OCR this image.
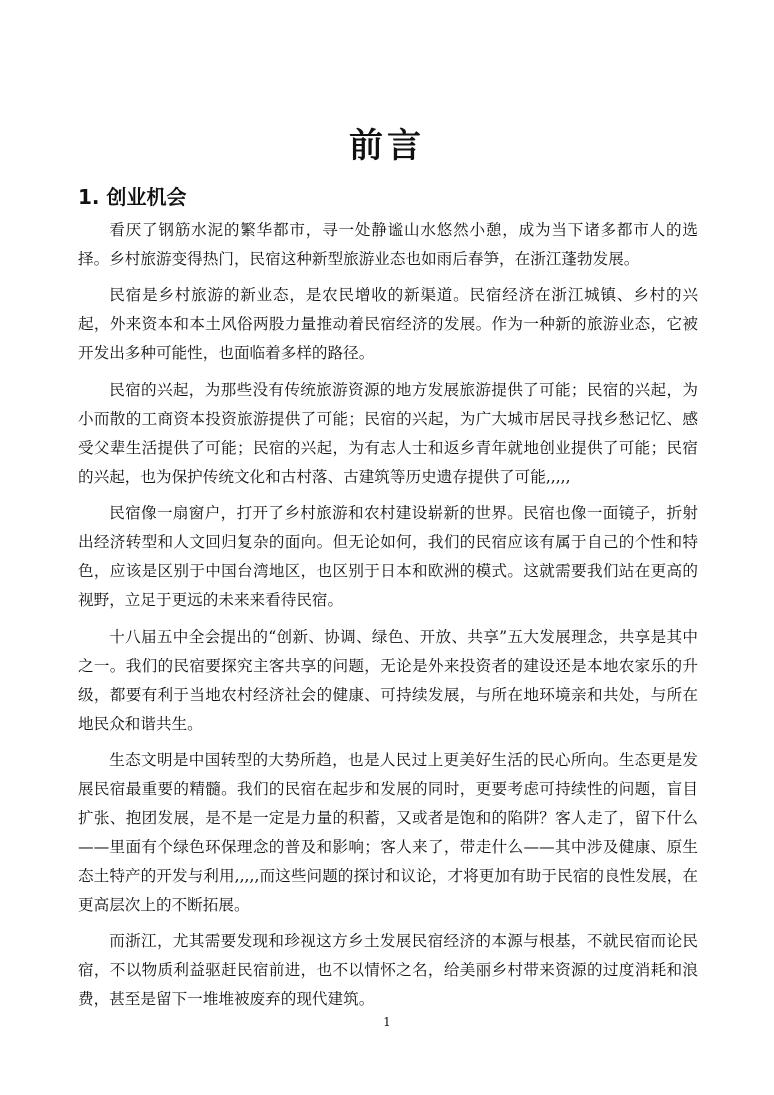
前言
1. 创业机会

看厌了钢筋水泥的繁华都市，寻一处静谧山水悠然小憩，成为当下诸多都市人的选择。乡村旅游变得热门，民宿这种新型旅游业态也如雨后春笋，在浙江蓬勃发展。

民宿是乡村旅游的新业态，是农民增收的新渠道。民宿经济在浙江城镇、乡村的兴起，外来资本和本土风俗两股力量推动着民宿经济的发展。作为一种新的旅游业态，它被开发出多种可能性，也面临着多样的路径。

民宿的兴起，为那些没有传统旅游资源的地方发展旅游提供了可能；民宿的兴起，为小而散的工商资本投资旅游提供了可能；民宿的兴起，为广大城市居民寻找乡愁记忆、感受父辈生活提供了可能；民宿的兴起，为有志人士和返乡青年就地创业提供了可能；民宿的兴起，也为保护传统文化和古村落、古建筑等历史遗存提供了可能,,,,,

民宿像一扇窗户，打开了乡村旅游和农村建设崭新的世界。民宿也像一面镜子，折射出经济转型和人文回归复杂的面向。但无论如何，我们的民宿应该有属于自己的个性和特色，应该是区别于中国台湾地区，也区别于日本和欧洲的模式。这就需要我们站在更高的视野，立足于更远的未来来看待民宿。

十八届五中全会提出的“创新、协调、绿色、开放、共享”五大发展理念，共享是其中之一。我们的民宿要探究主客共享的问题，无论是外来投资者的建设还是本地农家乐的升级，都要有利于当地农村经济社会的健康、可持续发展，与所在地环境亲和共处，与所在地民众和谐共生。

生态文明是中国转型的大势所趋，也是人民过上更美好生活的民心所向。生态更是发展民宿最重要的精髓。我们的民宿在起步和发展的同时，更要考虑可持续性的问题，盲目扩张、抱团发展，是不是一定是力量的积蓄，又或者是饱和的陷阱？客人走了，留下什么——里面有个绿色环保理念的普及和影响；客人来了，带走什么——其中涉及健康、原生态土特产的开发与利用,,,,,而这些问题的探讨和议论，才将更加有助于民宿的良性发展，在更高层次上的不断拓展。

而浙江，尤其需要发现和珍视这方乡土发展民宿经济的本源与根基，不就民宿而论民宿，不以物质利益驱赶民宿前进，也不以情怀之名，给美丽乡村带来资源的过度消耗和浪费，甚至是留下一堆堆被废弃的现代建筑。

1
